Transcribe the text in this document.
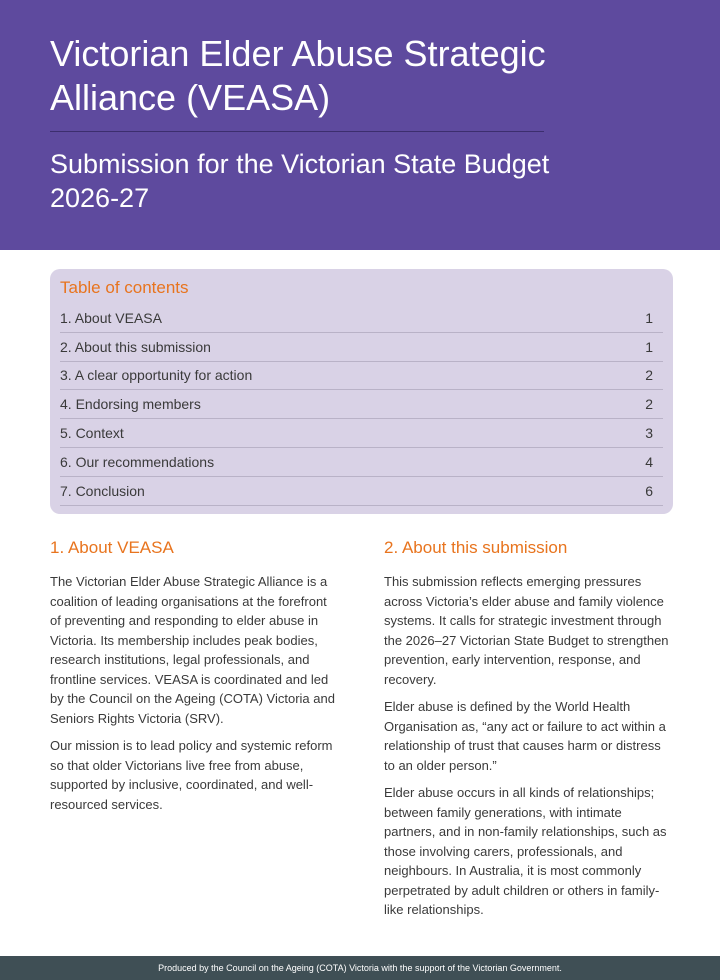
Victorian Elder Abuse Strategic Alliance (VEASA)
Submission for the Victorian State Budget 2026-27
Table of contents
1. About VEASA	1
2. About this submission	1
3. A clear opportunity for action	2
4. Endorsing members	2
5. Context	3
6. Our recommendations	4
7. Conclusion	6
1. About VEASA

The Victorian Elder Abuse Strategic Alliance is a coalition of leading organisations at the forefront of preventing and responding to elder abuse in Victoria. Its membership includes peak bodies, research institutions, legal professionals, and frontline services. VEASA is coordinated and led by the Council on the Ageing (COTA) Victoria and Seniors Rights Victoria (SRV).

Our mission is to lead policy and systemic reform so that older Victorians live free from abuse, supported by inclusive, coordinated, and well-resourced services.

2. About this submission

This submission reflects emerging pressures across Victoria’s elder abuse and family violence systems. It calls for strategic investment through the 2026–27 Victorian State Budget to strengthen prevention, early intervention, response, and recovery.

Elder abuse is defined by the World Health Organisation as, “any act or failure to act within a relationship of trust that causes harm or distress to an older person.”

Elder abuse occurs in all kinds of relationships; between family generations, with intimate partners, and in non-family relationships, such as those involving carers, professionals, and neighbours. In Australia, it is most commonly perpetrated by adult children or others in family-like relationships.

Produced by the Council on the Ageing (COTA) Victoria with the support of the Victorian Government.
